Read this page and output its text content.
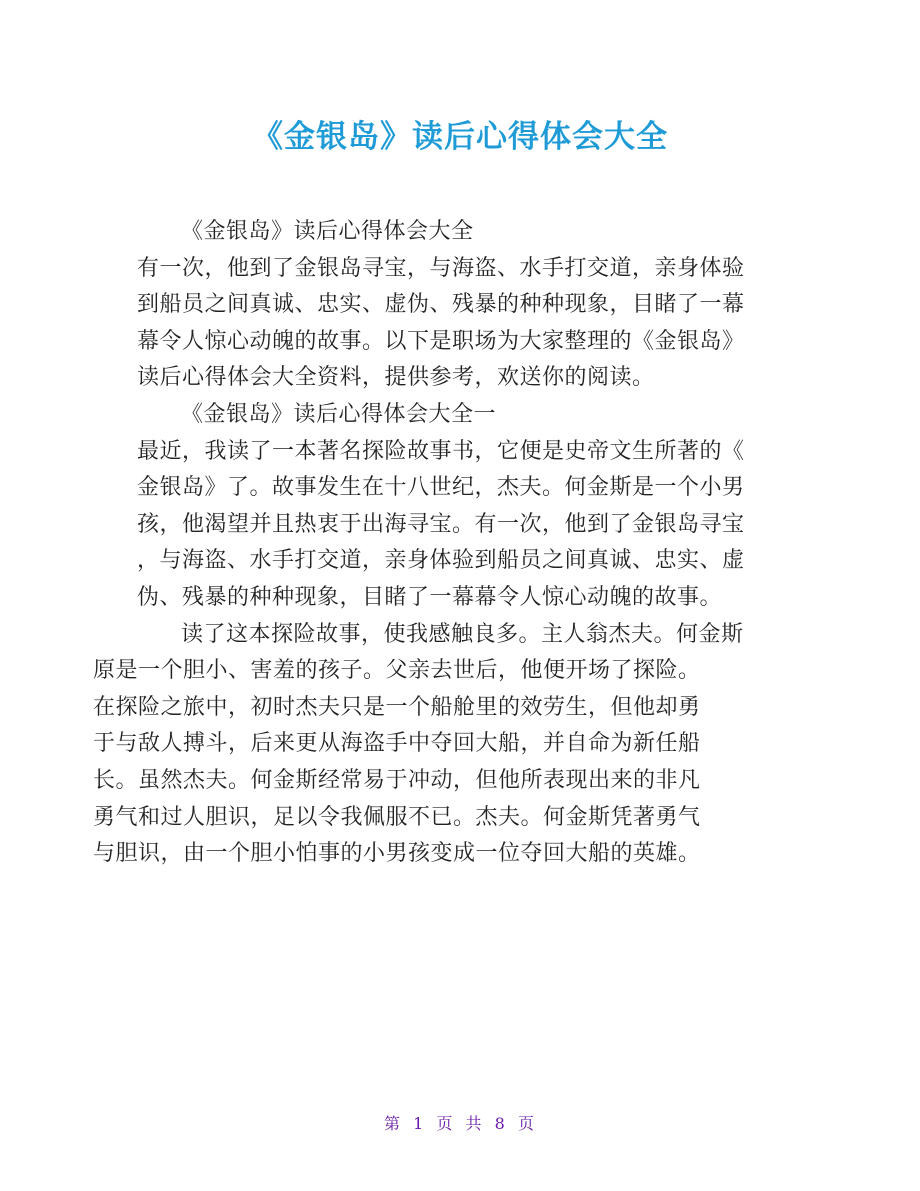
《金银岛》读后心得体会大全

《金银岛》读后心得体会大全

有一次，他到了金银岛寻宝，与海盗、水手打交道，亲身体验
到船员之间真诚、忠实、虚伪、残暴的种种现象，目睹了一幕
幕令人惊心动魄的故事。以下是职场为大家整理的《金银岛》
读后心得体会大全资料，提供参考，欢送你的阅读。

《金银岛》读后心得体会大全一

最近，我读了一本著名探险故事书，它便是史帝文生所著的《
金银岛》了。故事发生在十八世纪，杰夫。何金斯是一个小男
孩，他渴望并且热衷于出海寻宝。有一次，他到了金银岛寻宝
，与海盗、水手打交道，亲身体验到船员之间真诚、忠实、虚
伪、残暴的种种现象，目睹了一幕幕令人惊心动魄的故事。

读了这本探险故事，使我感触良多。主人翁杰夫。何金斯
原是一个胆小、害羞的孩子。父亲去世后，他便开场了探险。
在探险之旅中，初时杰夫只是一个船舱里的效劳生，但他却勇
于与敌人搏斗，后来更从海盗手中夺回大船，并自命为新任船
长。虽然杰夫。何金斯经常易于冲动，但他所表现出来的非凡
勇气和过人胆识，足以令我佩服不已。杰夫。何金斯凭著勇气
与胆识，由一个胆小怕事的小男孩变成一位夺回大船的英雄。

第 1 页 共 8 页
